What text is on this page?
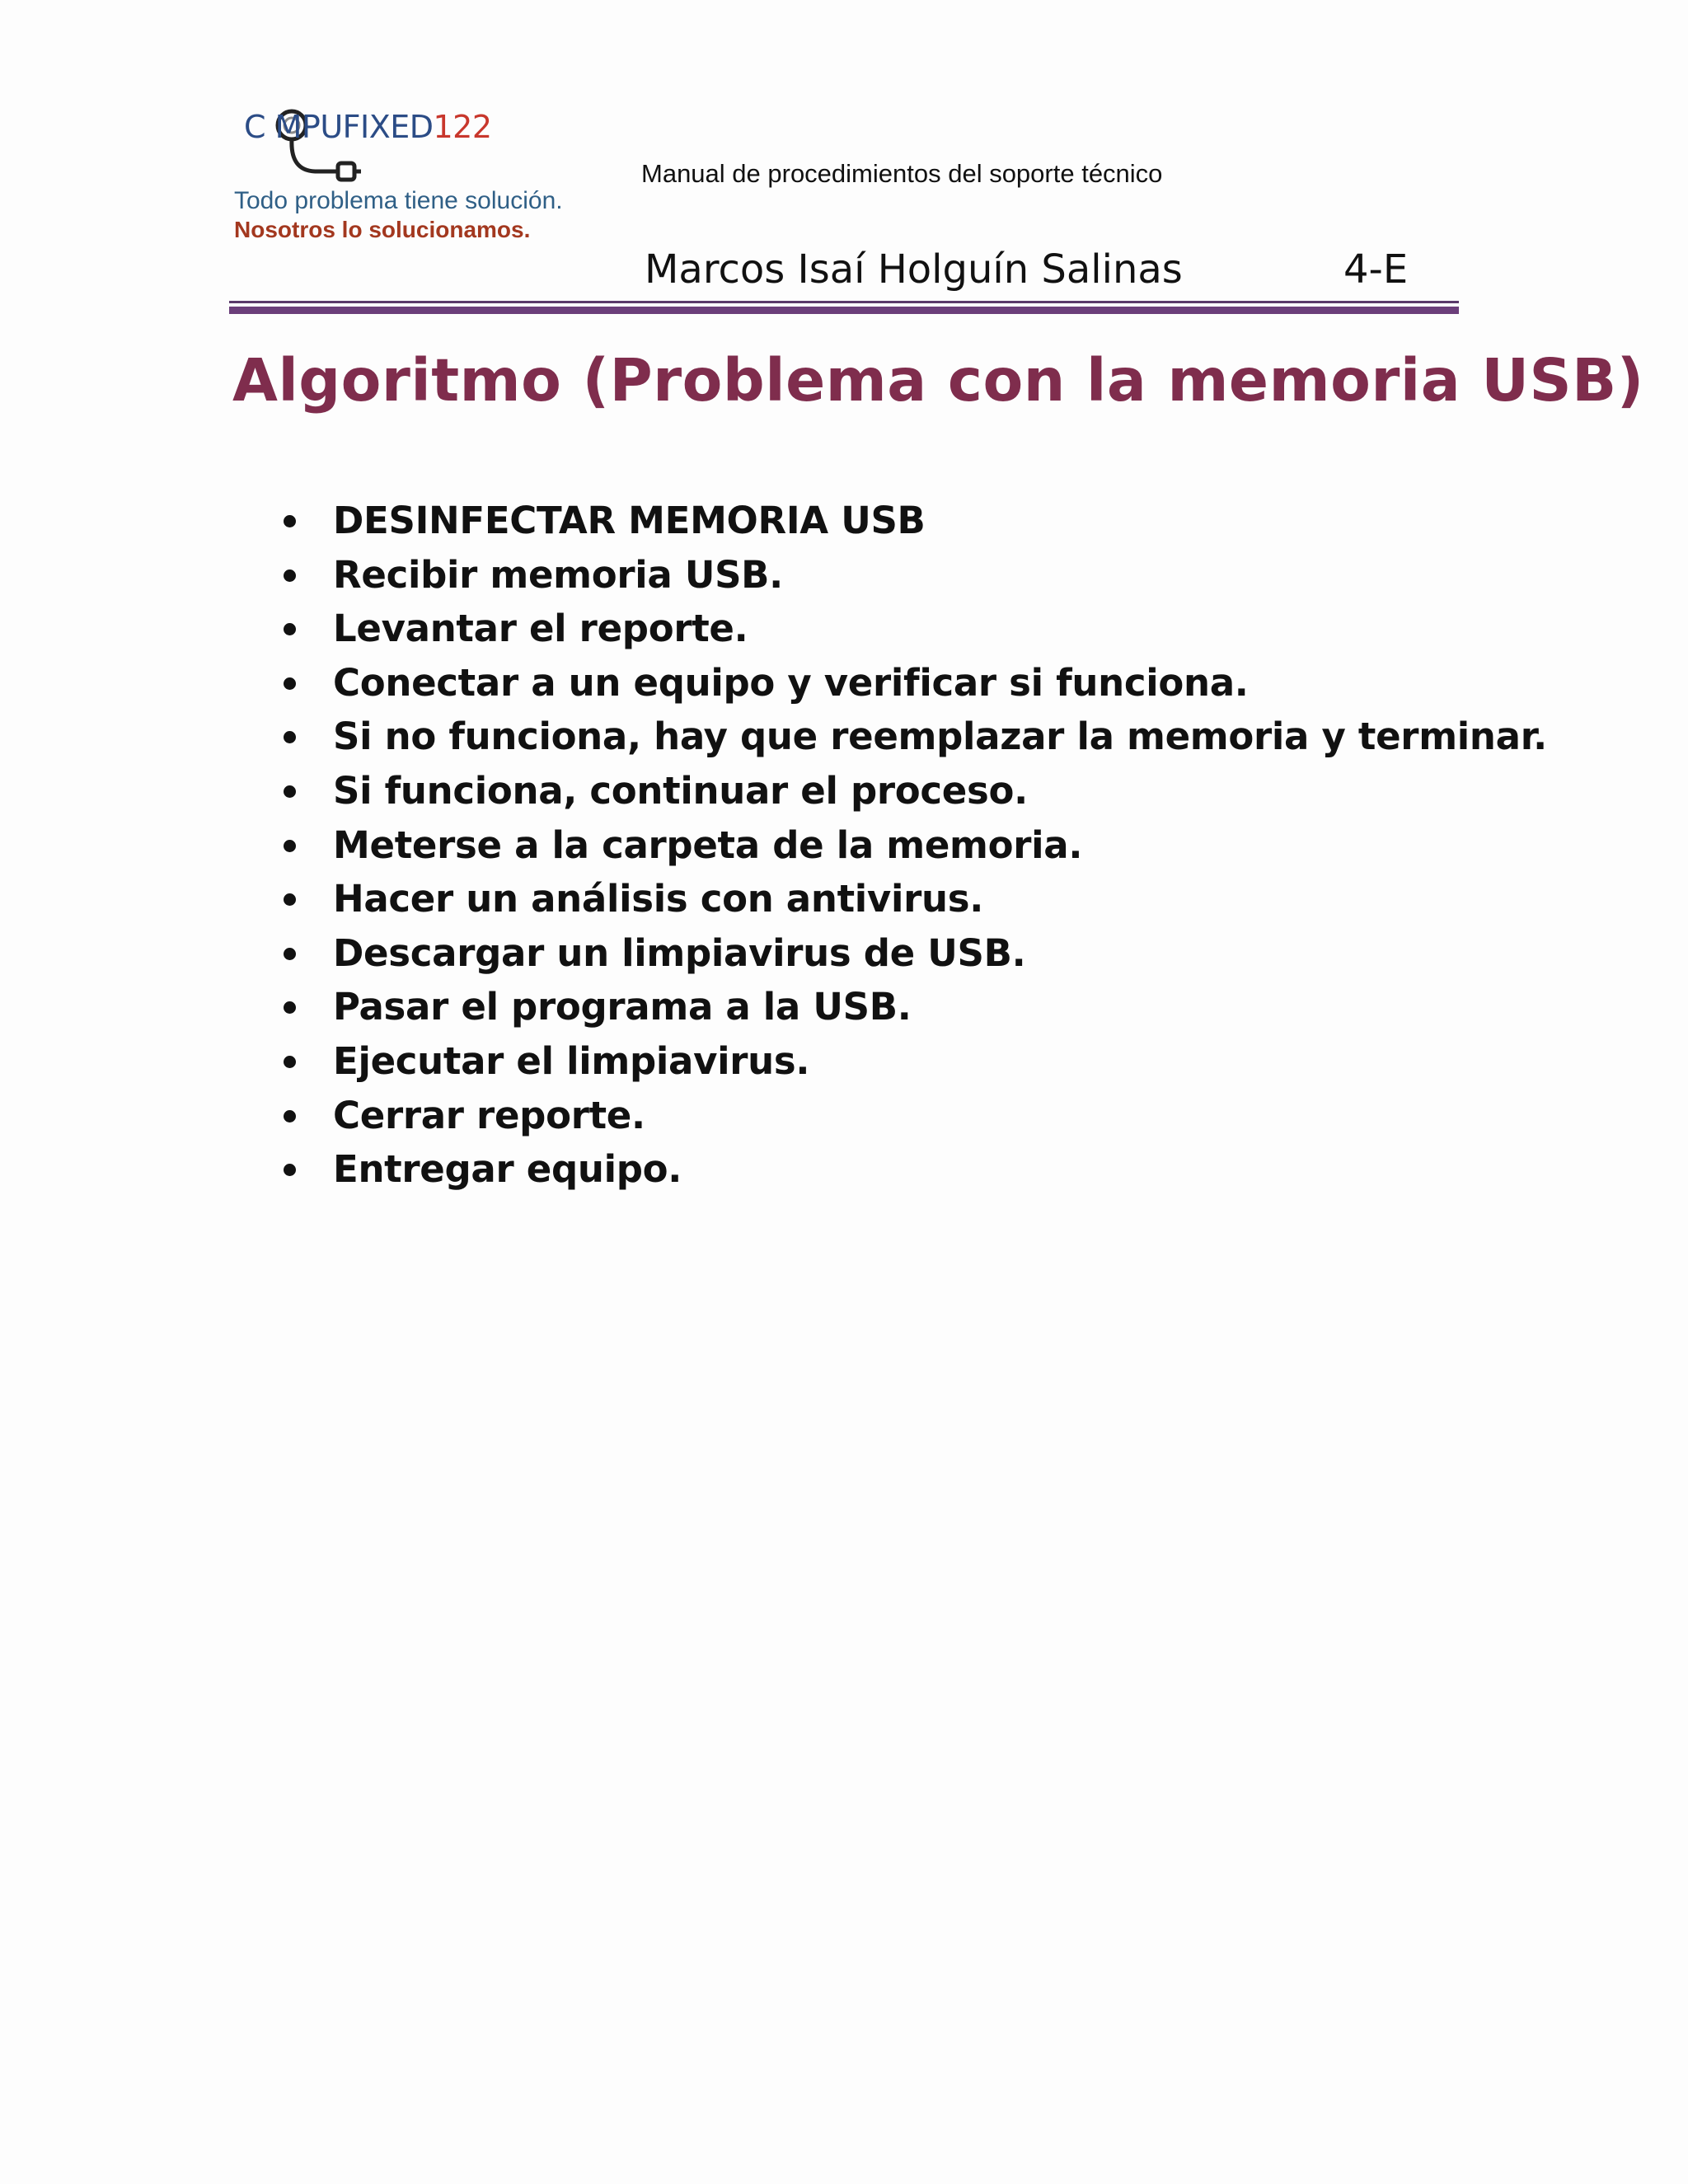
C MPUFIXED122
Todo problema tiene solución.
Nosotros lo solucionamos.
Manual de procedimientos del soporte técnico
Marcos Isaí Holguín Salinas	4-E
Algoritmo (Problema con la memoria USB)
DESINFECTAR MEMORIA USB
Recibir memoria USB.
Levantar el reporte.
Conectar a un equipo y verificar si funciona.
Si no funciona, hay que reemplazar la memoria y terminar.
Si funciona, continuar el proceso.
Meterse a la carpeta de la memoria.
Hacer un análisis con antivirus.
Descargar un limpiavirus de USB.
Pasar el programa a la USB.
Ejecutar el limpiavirus.
Cerrar reporte.
Entregar equipo.
